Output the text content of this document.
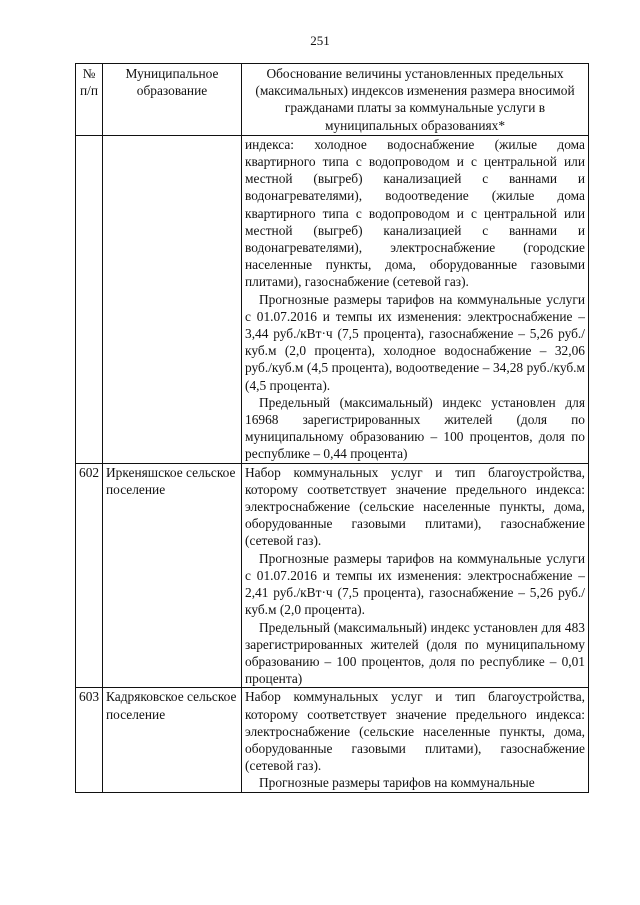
251
№ п/п	Муниципальное образование	Обоснование величины установленных предельных (максимальных) индексов изменения размера вносимой гражданами платы за коммунальные услуги в муниципальных образованиях*

		индекса: холодное водоснабжение (жилые дома квартирного типа с водопроводом и с центральной или местной (выгреб) канализацией с ваннами и водонагревателями), водоотведение (жилые дома квартирного типа с водопроводом и с центральной или местной (выгреб) канализацией с ваннами и водонагревателями), электроснабжение (городские населенные пункты, дома, оборудованные газовыми плитами), газоснабжение (сетевой газ).

Прогнозные размеры тарифов на коммунальные услуги с 01.07.2016 и темпы их изменения: электроснабжение – 3,44 руб./кВт·ч (7,5 процента), газоснабжение – 5,26 руб./куб.м (2,0 процента), холодное водоснабжение – 32,06 руб./куб.м (4,5 процента), водоотведение – 34,28 руб./куб.м (4,5 процента).

Предельный (максимальный) индекс установлен для 16968 зарегистрированных жителей (доля по муниципальному образованию – 100 процентов, доля по республике – 0,44 процента)

602	Иркеняшское сельское поселение	Набор коммунальных услуг и тип благоустройства, которому соответствует значение предельного индекса: электроснабжение (сельские населенные пункты, дома, оборудованные газовыми плитами), газоснабжение (сетевой газ).

Прогнозные размеры тарифов на коммунальные услуги с 01.07.2016 и темпы их изменения: электроснабжение – 2,41 руб./кВт·ч (7,5 процента), газоснабжение – 5,26 руб./куб.м (2,0 процента).

Предельный (максимальный) индекс установлен для 483 зарегистрированных жителей (доля по муниципальному образованию – 100 процентов, доля по республике – 0,01 процента)

603	Кадряковское сельское поселение	Набор коммунальных услуг и тип благоустройства, которому соответствует значение предельного индекса: электроснабжение (сельские населенные пункты, дома, оборудованные газовыми плитами), газоснабжение (сетевой газ).

Прогнозные размеры тарифов на коммунальные
